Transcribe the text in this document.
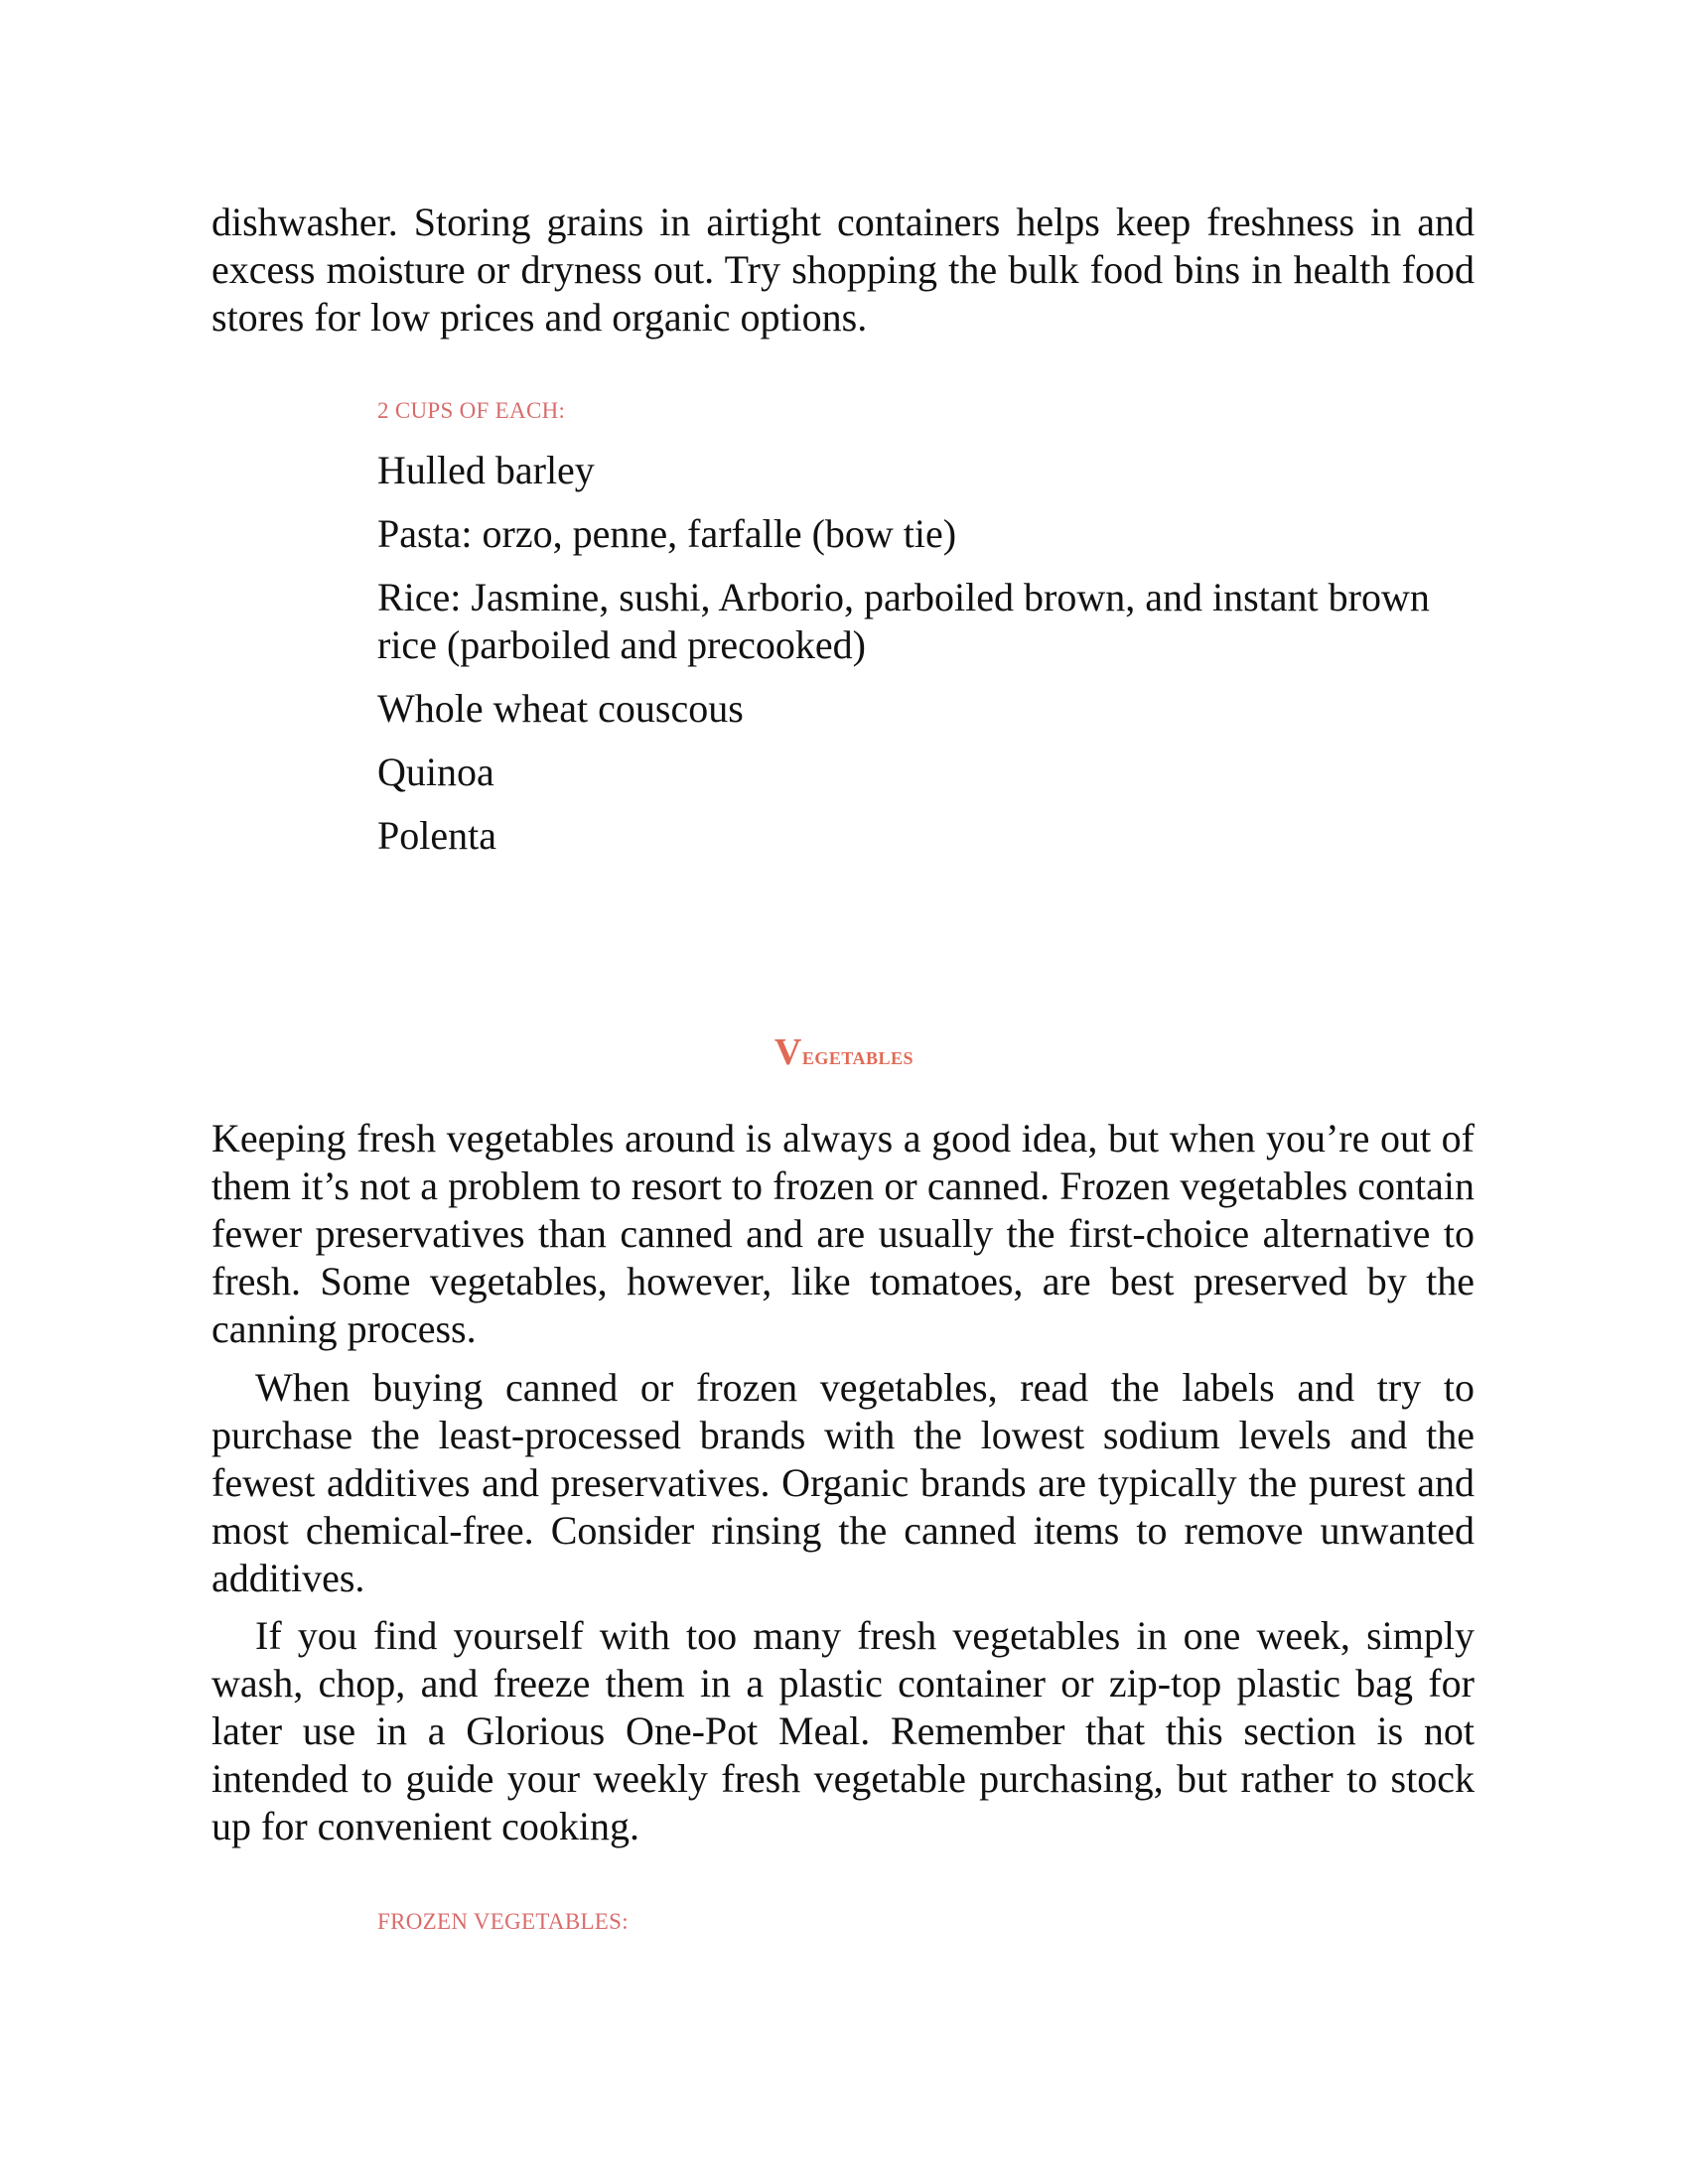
dishwasher. Storing grains in airtight containers helps keep freshness in and excess moisture or dryness out. Try shopping the bulk food bins in health food stores for low prices and organic options.

2 CUPS OF EACH:

Hulled barley
Pasta: orzo, penne, farfalle (bow tie)
Rice: Jasmine, sushi, Arborio, parboiled brown, and instant brown rice (parboiled and precooked)
Whole wheat couscous
Quinoa
Polenta
Vegetables

Keeping fresh vegetables around is always a good idea, but when you’re out of them it’s not a problem to resort to frozen or canned. Frozen vegetables contain fewer preservatives than canned and are usually the first-choice alternative to fresh. Some vegetables, however, like tomatoes, are best preserved by the canning process.

When buying canned or frozen vegetables, read the labels and try to purchase the least-processed brands with the lowest sodium levels and the fewest additives and preservatives. Organic brands are typically the purest and most chemical-free. Consider rinsing the canned items to remove unwanted additives.

If you find yourself with too many fresh vegetables in one week, simply wash, chop, and freeze them in a plastic container or zip-top plastic bag for later use in a Glorious One-Pot Meal. Remember that this section is not intended to guide your weekly fresh vegetable purchasing, but rather to stock up for convenient cooking.

FROZEN VEGETABLES:
